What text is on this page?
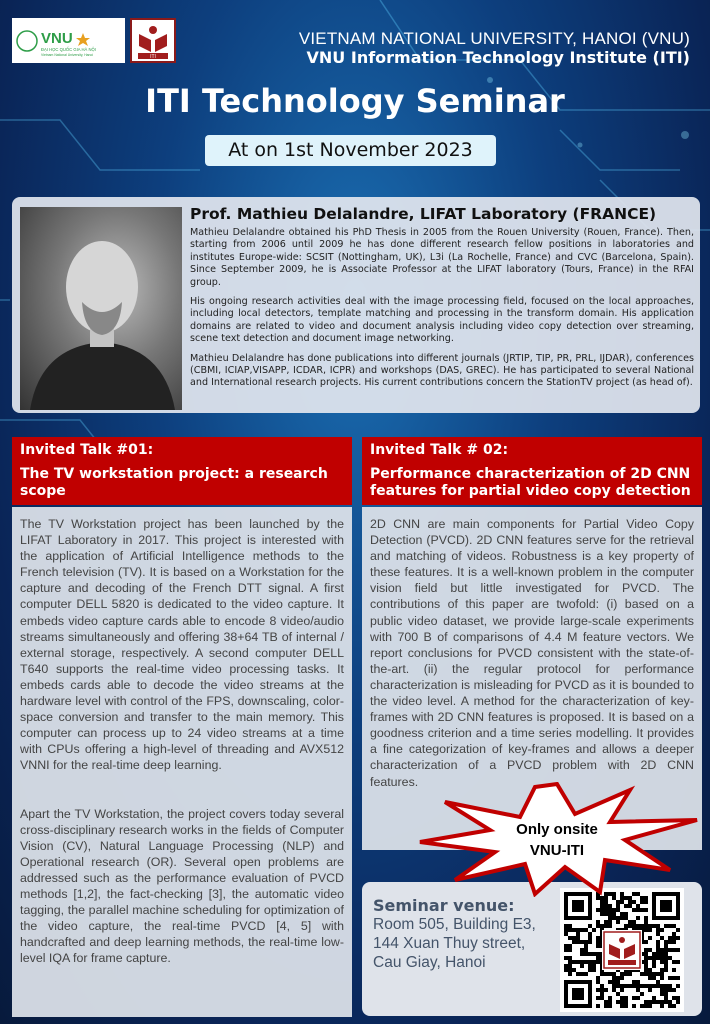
VNU
ĐẠI HỌC QUỐC GIA HÀ NỘI
Vietnam National University, Hanoi	ITI
VIETNAM NATIONAL UNIVERSITY, HANOI (VNU)
VNU Information Technology Institute (ITI)
ITI Technology Seminar
At on 1st November 2023
Prof. Mathieu Delalandre, LIFAT Laboratory (FRANCE)

Mathieu Delalandre obtained his PhD Thesis in 2005 from the Rouen University (Rouen, France). Then, starting from 2006 until 2009 he has done different research fellow positions in laboratories and institutes Europe-wide: SCSIT (Nottingham, UK), L3i (La Rochelle, France) and CVC (Barcelona, Spain). Since September 2009, he is Associate Professor at the LIFAT laboratory (Tours, France) in the RFAI group.

His ongoing research activities deal with the image processing field, focused on the local approaches, including local detectors, template matching and processing in the transform domain. His application domains are related to video and document analysis including video copy detection over streaming, scene text detection and document image networking.

Mathieu Delalandre has done publications into different journals (JRTIP, TIP, PR, PRL, IJDAR), conferences (CBMI, ICIAP,VISAPP, ICDAR, ICPR) and workshops (DAS, GREC). He has participated to several National and International research projects. His current contributions concern the StationTV project (as head of).

Invited Talk #01:
The TV workstation project: a research scope

The TV Workstation project has been launched by the LIFAT Laboratory in 2017. This project is interested with the application of Artificial Intelligence methods to the French television (TV). It is based on a Workstation for the capture and decoding of the French DTT signal. A first computer DELL 5820 is dedicated to the video capture. It embeds video capture cards able to encode 8 video/audio streams simultaneously and offering 38+64 TB of internal / external storage, respectively. A second computer DELL T640 supports the real-time video processing tasks. It embeds cards able to decode the video streams at the hardware level with control of the FPS, downscaling, color-space conversion and transfer to the main memory. This computer can process up to 24 video streams at a time with CPUs offering a high-level of threading and AVX512 VNNI for the real-time deep learning.

Apart the TV Workstation, the project covers today several cross-disciplinary research works in the fields of Computer Vision (CV), Natural Language Processing (NLP) and Operational research (OR). Several open problems are addressed such as the performance evaluation of PVCD methods [1,2], the fact-checking [3], the automatic video tagging, the parallel machine scheduling for optimization of the video capture, the real-time PVCD [4, 5] with handcrafted and deep learning methods, the real-time low-level IQA for frame capture.

Invited Talk # 02:
Performance characterization of 2D CNN features for partial video copy detection

2D CNN are main components for Partial Video Copy Detection (PVCD). 2D CNN features serve for the retrieval and matching of videos. Robustness is a key property of these features. It is a well-known problem in the computer vision field but little investigated for PVCD. The contributions of this paper are twofold: (i) based on a public video dataset, we provide large-scale experiments with 700 B of comparisons of 4.4 M feature vectors. We report conclusions for PVCD consistent with the state-of-the-art. (ii) the regular protocol for performance characterization is misleading for PVCD as it is bounded to the video level. A method for the characterization of key-frames with 2D CNN features is proposed. It is based on a goodness criterion and a time series modelling. It provides a fine categorization of key-frames and allows a deeper characterization of a PVCD problem with 2D CNN features.

Seminar venue:
Room 505, Building E3,
144 Xuan Thuy street,
Cau Giay, Hanoi
Only onsite
VNU-ITI
